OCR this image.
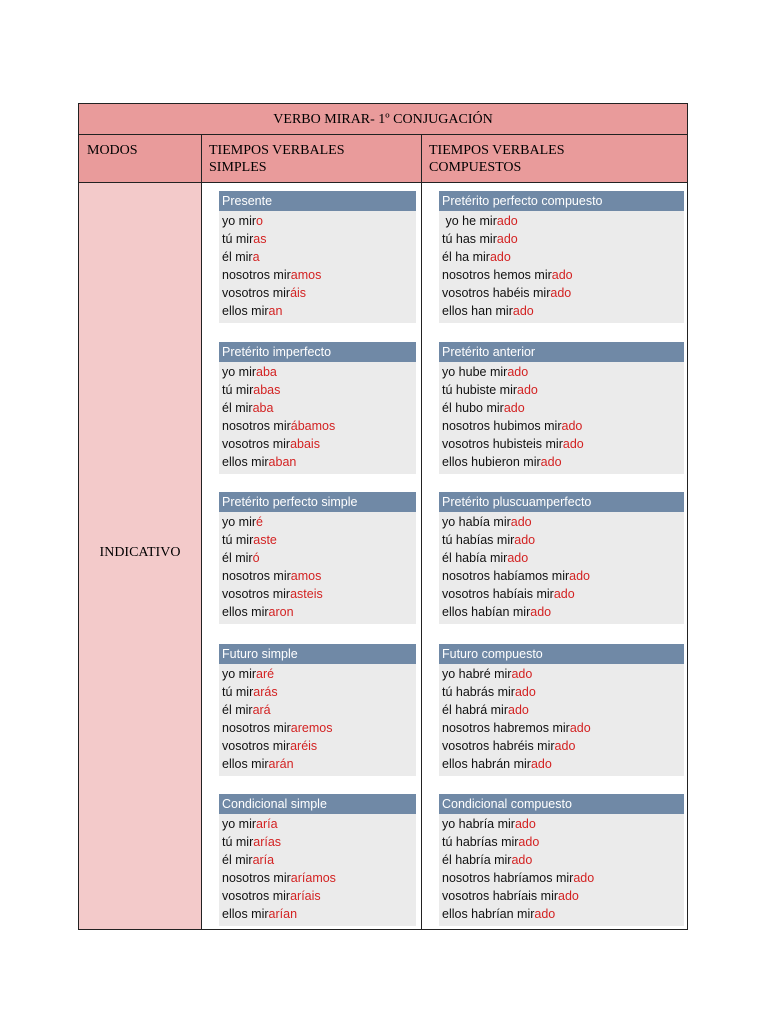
VERBO MIRAR- 1º CONJUGACIÓN
MODOS	TIEMPOS VERBALES
SIMPLES
TIEMPOS VERBALES
COMPUESTOS
INDICATIVO
Presente
yo miro
tú miras
él mira
nosotros miramos
vosotros miráis
ellos miran
Pretérito imperfecto
yo miraba
tú mirabas
él miraba
nosotros mirábamos
vosotros mirabais
ellos miraban
Pretérito perfecto simple
yo miré
tú miraste
él miró
nosotros miramos
vosotros mirasteis
ellos miraron
Futuro simple
yo miraré
tú mirarás
él mirará
nosotros miraremos
vosotros miraréis
ellos mirarán
Condicional simple
yo miraría
tú mirarías
él miraría
nosotros miraríamos
vosotros miraríais
ellos mirarían
Pretérito perfecto compuesto
yo he mirado
tú has mirado
él ha mirado
nosotros hemos mirado
vosotros habéis mirado
ellos han mirado
Pretérito anterior
yo hube mirado
tú hubiste mirado
él hubo mirado
nosotros hubimos mirado
vosotros hubisteis mirado
ellos hubieron mirado
Pretérito pluscuamperfecto
yo había mirado
tú habías mirado
él había mirado
nosotros habíamos mirado
vosotros habíais mirado
ellos habían mirado
Futuro compuesto
yo habré mirado
tú habrás mirado
él habrá mirado
nosotros habremos mirado
vosotros habréis mirado
ellos habrán mirado
Condicional compuesto
yo habría mirado
tú habrías mirado
él habría mirado
nosotros habríamos mirado
vosotros habríais mirado
ellos habrían mirado
